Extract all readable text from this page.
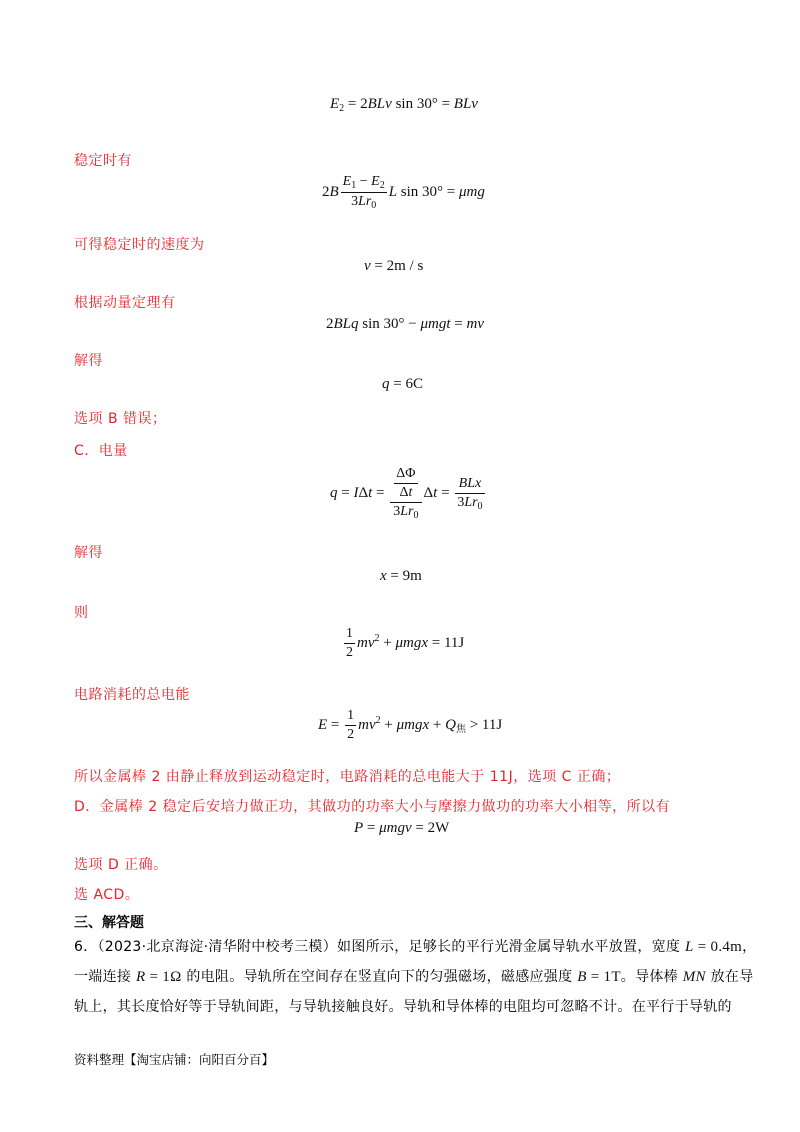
$E_2 = 2BLv$ sin 30° = BLv
稳定时有
$2B \frac{E_1 - E_2}{3Lr_0}$ L sin 30° = μmg
可得稳定时的速度为
v = 2m / s
根据动量定理有
2BLq sin 30° − μmgt = mv
解得
q = 6C
选项 B 错误；
C．电量
$q = I\Delta t = \frac{\frac{\Delta\Phi}{\Delta t}}{3Lr_0}$ $\Delta t = \frac{\text{BLx}}{3Lr_0}$
解得
x = 9m
则
$\frac{1}{2} mv^2 + \mu mgx = 11J$
电路消耗的总电能
$E = \frac{1}{2} mv^2 + \mu mgx + Q_焦 > 11J$
所以金属棒 2 由静止释放到运动稳定时，电路消耗的总电能大于 11J，选项 C 正确；
D．金属棒 2 稳定后安培力做正功，其做功的功率大小与摩擦力做功的功率大小相等，所以有
P = μmgv = 2W
选项 D 正确。
选 ACD。
三、解答题
6．（2023·北京海淀·清华附中校考三模）如图所示，足够长的平行光滑金属导轨水平放置，宽度 L = 0.4m，
一端连接 R = 1Ω 的电阻。导轨所在空间存在竖直向下的匀强磁场，磁感应强度 B = 1T。导体棒 MN 放在导
轨上，其长度恰好等于导轨间距，与导轨接触良好。导轨和导体棒的电阻均可忽略不计。在平行于导轨的
资料整理【淘宝店铺：向阳百分百】
